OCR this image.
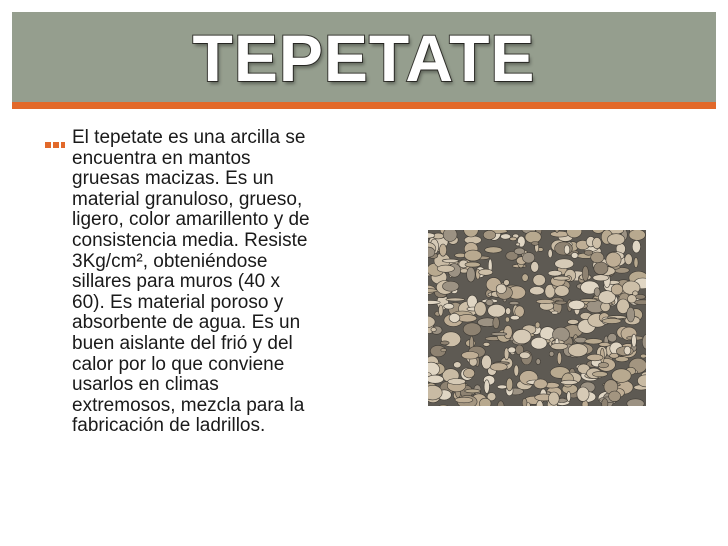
TEPETATE

El tepetate es una arcilla se
encuentra en mantos
gruesas macizas. Es un
material granuloso, grueso,
ligero, color amarillento y de
consistencia media. Resiste
3Kg/cm², obteniéndose
sillares para muros (40 x
60). Es material poroso y
absorbente de agua. Es un
buen aislante del frió y del
calor por lo que conviene
usarlos en climas
extremosos, mezcla para la
fabricación de ladrillos.
